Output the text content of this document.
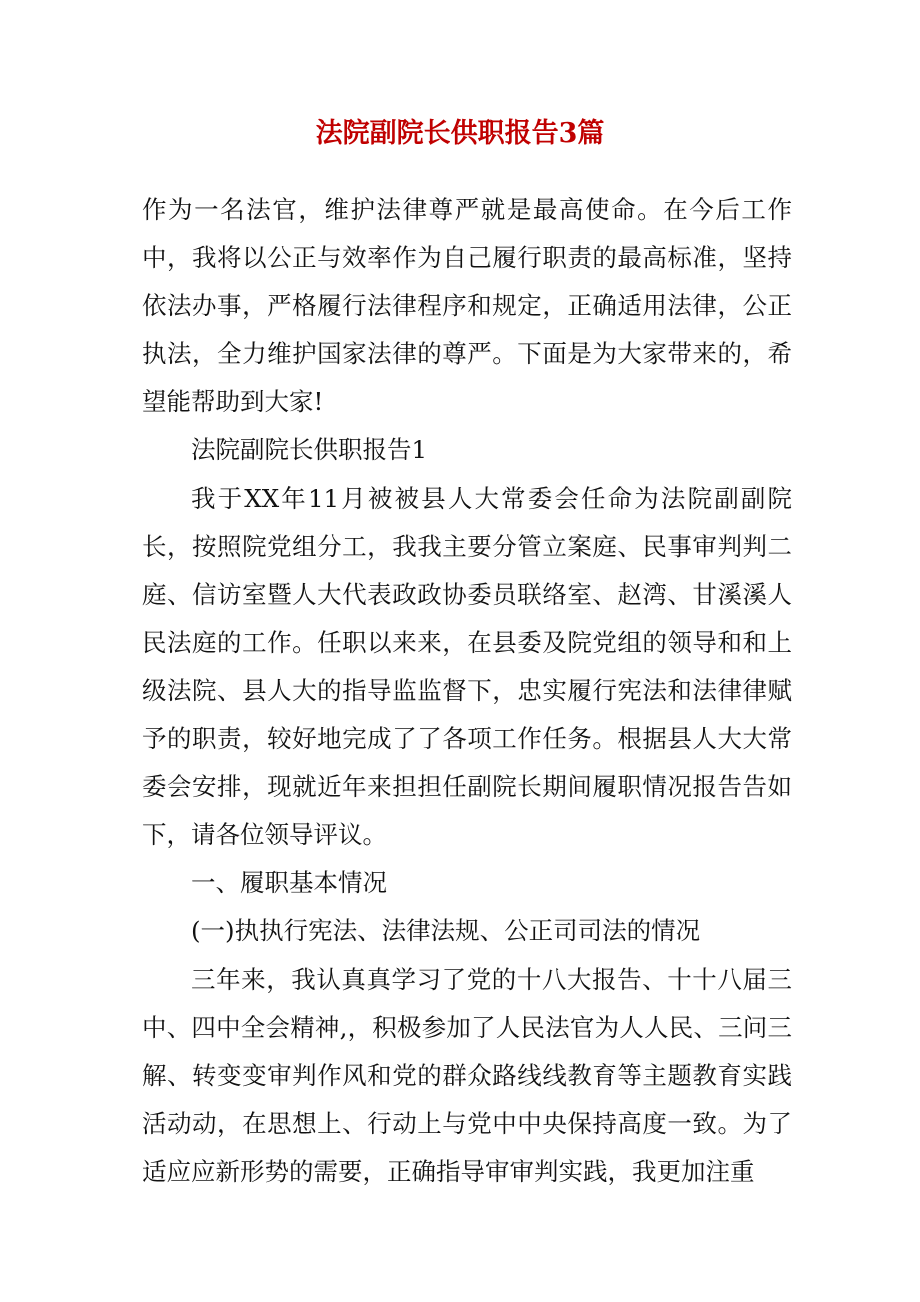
法院副院长供职报告3篇

作为一名法官，维护法律尊严就是最高使命。在今后工作中，我将以公正与效率作为自己履行职责的最高标准，坚持依法办事，严格履行法律程序和规定，正确适用法律，公正执法，全力维护国家法律的尊严。下面是为大家带来的，希望能帮助到大家!

法院副院长供职报告1

我于XX年11月被被县人大常委会任命为法院副副院长，按照院党组分工，我我主要分管立案庭、民事审判判二庭、信访室暨人大代表政政协委员联络室、赵湾、甘溪溪人民法庭的工作。任职以来来，在县委及院党组的领导和和上级法院、县人大的指导监监督下，忠实履行宪法和法律律赋予的职责，较好地完成了了各项工作任务。根据县人大大常委会安排，现就近年来担担任副院长期间履职情况报告告如下，请各位领导评议。

一、履职基本情况

(一)执执行宪法、法律法规、公正司司法的情况

三年来，我认真真学习了党的十八大报告、十十八届三中、四中全会精神,，积极参加了人民法官为人人民、三问三解、转变变审判作风和党的群众路线线教育等主题教育实践活动动，在思想上、行动上与党中中央保持高度一致。为了适应应新形势的需要，正确指导审审判实践，我更加注重
